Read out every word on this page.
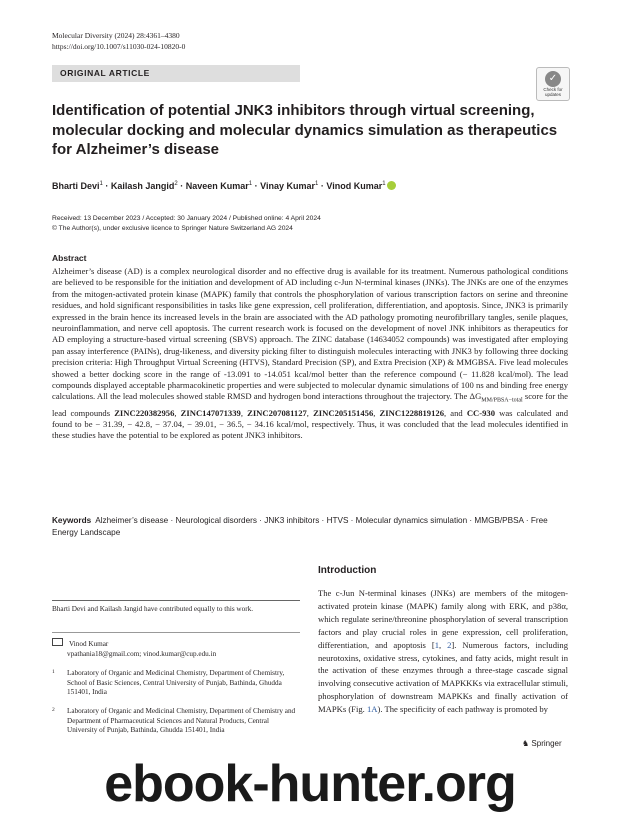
Molecular Diversity (2024) 28:4361–4380
https://doi.org/10.1007/s11030-024-10820-0
ORIGINAL ARTICLE	✓
Check for
updates
Identification of potential JNK3 inhibitors through virtual screening, molecular docking and molecular dynamics simulation as therapeutics for Alzheimer’s disease
Bharti Devi$^1$ · Kailash Jangid$^2$ · Naveen Kumar$^1$ · Vinay Kumar$^1$ · Vinod Kumar$^1$
Received: 13 December 2023 / Accepted: 30 January 2024 / Published online: 4 April 2024
© The Author(s), under exclusive licence to Springer Nature Switzerland AG 2024
Abstract
Alzheimer’s disease (AD) is a complex neurological disorder and no effective drug is available for its treatment. Numerous pathological conditions are believed to be responsible for the initiation and development of AD including c-Jun N-terminal kinases (JNKs). The JNKs are one of the enzymes from the mitogen-activated protein kinase (MAPK) family that controls the phosphorylation of various transcription factors on serine and threonine residues, and hold significant responsibilities in tasks like gene expression, cell proliferation, differentiation, and apoptosis. Since, JNK3 is primarily expressed in the brain hence its increased levels in the brain are associated with the AD pathology promoting neurofibrillary tangles, senile plaques, neuroinflammation, and nerve cell apoptosis. The current research work is focused on the development of novel JNK inhibitors as therapeutics for AD employing a structure-based virtual screening (SBVS) approach. The ZINC database (14634052 compounds) was investigated after employing pan assay interference (PAINs), drug-likeness, and diversity picking filter to distinguish molecules interacting with JNK3 by following three docking precision criteria: High Throughput Virtual Screening (HTVS), Standard Precision (SP), and Extra Precision (XP) & MMGBSA. Five lead molecules showed a better docking score in the range of -13.091 to -14.051 kcal/mol better than the reference compound (− 11.828 kcal/mol). The lead compounds displayed acceptable pharmacokinetic properties and were subjected to molecular dynamic simulations of 100 ns and binding free energy calculations. All the lead molecules showed stable RMSD and hydrogen bond interactions throughout the trajectory. The $\Delta G_{MM/PBSA-total}$ score for the lead compounds ZINC220382956, ZINC147071339, ZINC207081127, ZINC205151456, ZINC1228819126, and CC-930 was calculated and found to be − 31.39, − 42.8, − 37.04, − 39.01, − 36.5, − 34.16 kcal/mol, respectively. Thus, it was concluded that the lead molecules identified in these studies have the potential to be explored as potent JNK3 inhibitors.
Keywords Alzheimer’s disease · Neurological disorders · JNK3 inhibitors · HTVS · Molecular dynamics simulation · MMGB/PBSA · Free Energy Landscape
Introduction
The c-Jun N-terminal kinases (JNKs) are members of the mitogen-activated protein kinase (MAPK) family along with ERK, and p38α, which regulate serine/threonine phosphorylation of several transcription factors and play crucial roles in gene expression, cell proliferation, differentiation, and apoptosis [1, 2]. Numerous factors, including neurotoxins, oxidative stress, cytokines, and fatty acids, might result in the activation of these enzymes through a three-stage cascade signal involving consecutive activation of MAPKKKs via extracellular stimuli, phosphorylation of downstream MAPKKs and finally activation of MAPKs (Fig. 1A). The specificity of each pathway is promoted by
Bharti Devi and Kailash Jangid have contributed equally to this work.
Vinod Kumar
vpathania18@gmail.com; vinod.kumar@cup.edu.in
1 Laboratory of Organic and Medicinal Chemistry, Department of Chemistry, School of Basic Sciences, Central University of Punjab, Bathinda, Ghudda 151401, India
2 Laboratory of Organic and Medicinal Chemistry, Department of Chemistry and Department of Pharmaceutical Sciences and Natural Products, Central University of Punjab, Bathinda, Ghudda 151401, India
♞ Springer
ebook-hunter.org
